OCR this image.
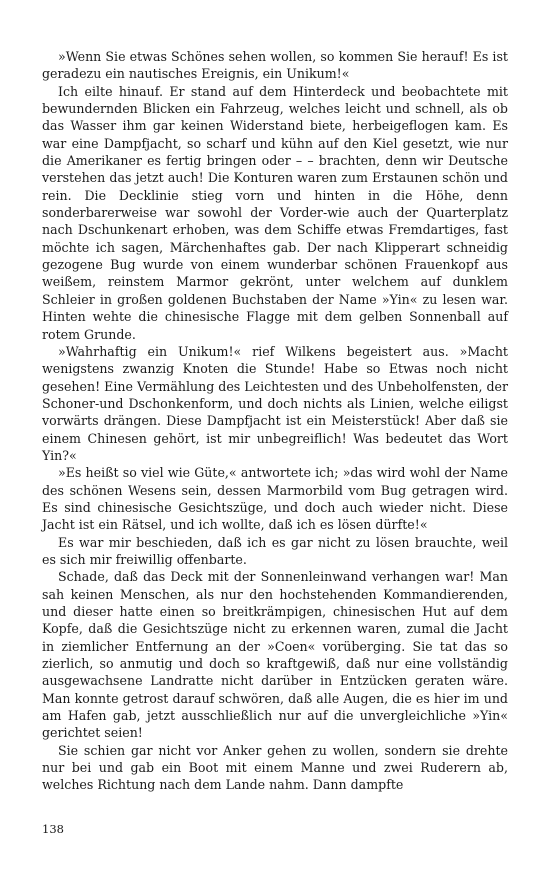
»Wenn Sie etwas Schönes sehen wollen, so kommen Sie herauf! Es ist geradezu ein nautisches Ereignis, ein Unikum!«

Ich eilte hinauf. Er stand auf dem Hinterdeck und beobachtete mit bewundernden Blicken ein Fahrzeug, welches leicht und schnell, als ob das Wasser ihm gar keinen Widerstand biete, herbeigeflogen kam. Es war eine Dampfjacht, so scharf und kühn auf den Kiel gesetzt, wie nur die Amerikaner es fertig bringen oder – – brachten, denn wir Deutsche verstehen das jetzt auch! Die Konturen waren zum Erstaunen schön und rein. Die Decklinie stieg vorn und hinten in die Höhe, denn sonderbarerweise war sowohl der Vorder-wie auch der Quarterplatz nach Dschunkenart erhoben, was dem Schiffe etwas Fremdartiges, fast möchte ich sagen, Märchenhaftes gab. Der nach Klipperart schneidig gezogene Bug wurde von einem wunderbar schönen Frauenkopf aus weißem, reinstem Marmor gekrönt, unter welchem auf dunklem Schleier in großen goldenen Buchstaben der Name »Yin« zu lesen war. Hinten wehte die chinesische Flagge mit dem gelben Sonnenball auf rotem Grunde.

»Wahrhaftig ein Unikum!« rief Wilkens begeistert aus. »Macht wenigstens zwanzig Knoten die Stunde! Habe so Etwas noch nicht gesehen! Eine Vermählung des Leichtesten und des Unbeholfensten, der Schoner-und Dschonkenform, und doch nichts als Linien, welche eiligst vorwärts drängen. Diese Dampfjacht ist ein Meisterstück! Aber daß sie einem Chinesen gehört, ist mir unbegreiflich! Was bedeutet das Wort Yin?«

»Es heißt so viel wie Güte,« antwortete ich; »das wird wohl der Name des schönen Wesens sein, dessen Marmorbild vom Bug getragen wird. Es sind chinesische Gesichtszüge, und doch auch wieder nicht. Diese Jacht ist ein Rätsel, und ich wollte, daß ich es lösen dürfte!«

Es war mir beschieden, daß ich es gar nicht zu lösen brauchte, weil es sich mir freiwillig offenbarte.

Schade, daß das Deck mit der Sonnenleinwand verhangen war! Man sah keinen Menschen, als nur den hochstehenden Kommandierenden, und dieser hatte einen so breitkrämpigen, chinesischen Hut auf dem Kopfe, daß die Gesichtszüge nicht zu erkennen waren, zumal die Jacht in ziemlicher Entfernung an der »Coen« vorüberging. Sie tat das so zierlich, so anmutig und doch so kraftgewiß, daß nur eine vollständig ausgewachsene Landratte nicht darüber in Entzücken geraten wäre. Man konnte getrost darauf schwören, daß alle Augen, die es hier im und am Hafen gab, jetzt ausschließlich nur auf die unvergleichliche »Yin« gerichtet seien!

Sie schien gar nicht vor Anker gehen zu wollen, sondern sie drehte nur bei und gab ein Boot mit einem Manne und zwei Ruderern ab, welches Richtung nach dem Lande nahm. Dann dampfte

138
